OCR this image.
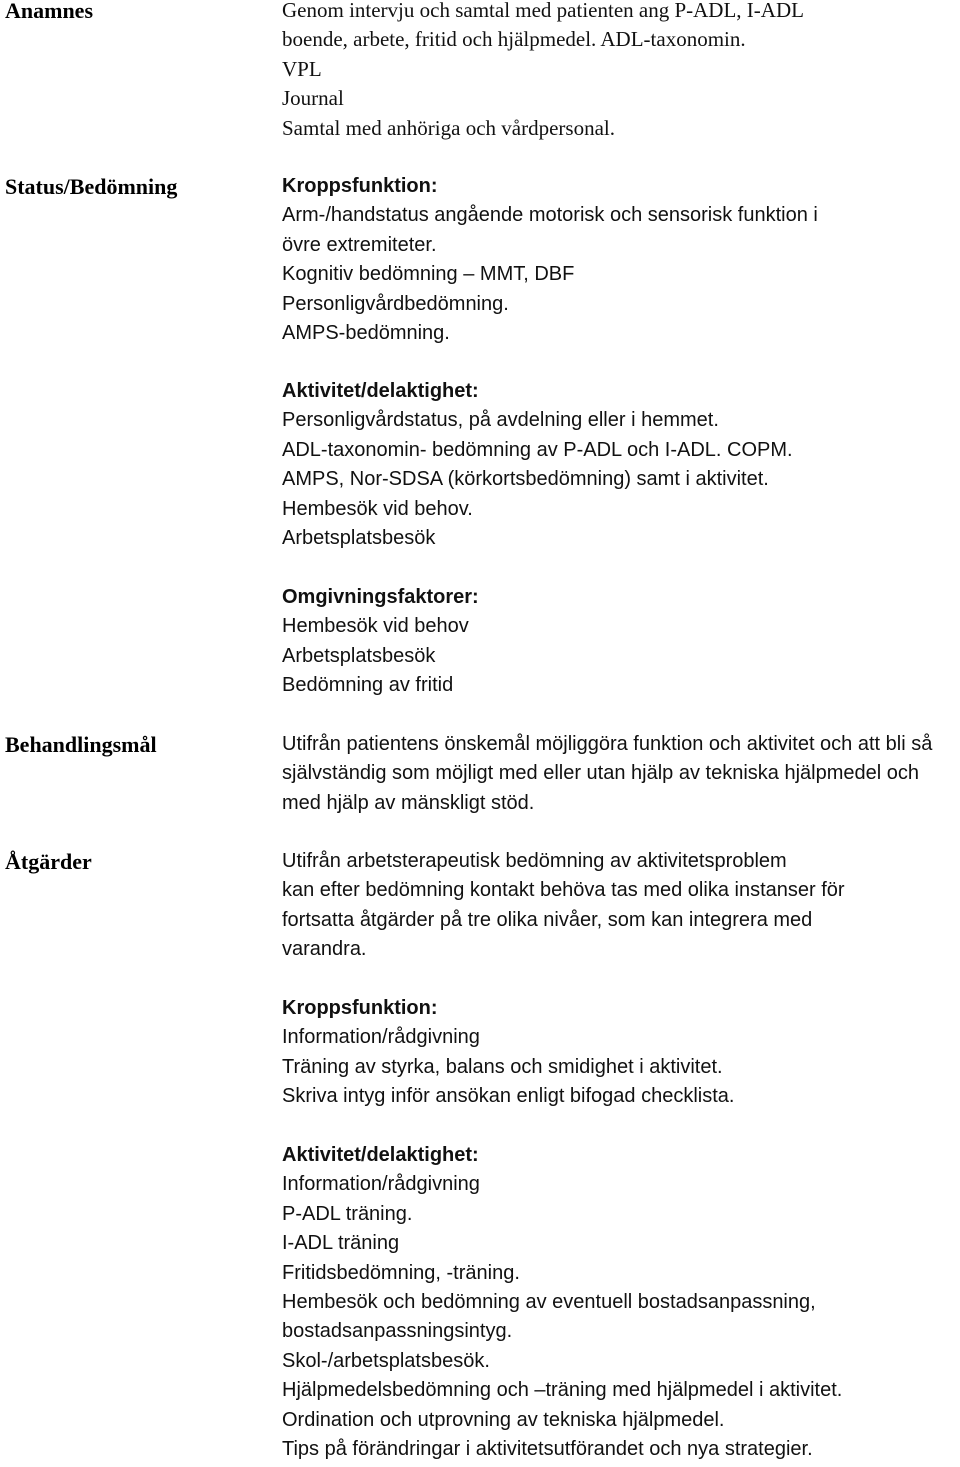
Anamnes

Status/Bedömning

Behandlingsmål

Åtgärder

Genom intervju och samtal med patienten ang P-ADL, I-ADL
boende, arbete, fritid och hjälpmedel. ADL-taxonomin.
VPL
Journal
Samtal med anhöriga och vårdpersonal.
Kroppsfunktion:
Arm-/handstatus angående motorisk och sensorisk funktion i
övre extremiteter.
Kognitiv bedömning – MMT, DBF
Personligvårdbedömning.
AMPS-bedömning.
Aktivitet/delaktighet:
Personligvårdstatus, på avdelning eller i hemmet.
ADL-taxonomin- bedömning av P-ADL och I-ADL. COPM.
AMPS, Nor-SDSA (körkortsbedömning) samt i aktivitet.
Hembesök vid behov.
Arbetsplatsbesök
Omgivningsfaktorer:
Hembesök vid behov
Arbetsplatsbesök
Bedömning av fritid
Utifrån patientens önskemål möjliggöra funktion och aktivitet och att bli så självständig som möjligt med eller utan hjälp av tekniska hjälpmedel och med hjälp av mänskligt stöd.
Utifrån arbetsterapeutisk bedömning av aktivitetsproblem
kan efter bedömning kontakt behöva tas med olika instanser för
fortsatta åtgärder på tre olika nivåer, som kan integrera med
varandra.
Kroppsfunktion:
Information/rådgivning
Träning av styrka, balans och smidighet i aktivitet.
Skriva intyg inför ansökan enligt bifogad checklista.
Aktivitet/delaktighet:
Information/rådgivning
P-ADL träning.
I-ADL träning
Fritidsbedömning, -träning.
Hembesök och bedömning av eventuell bostadsanpassning,
bostadsanpassningsintyg.
Skol-/arbetsplatsbesök.
Hjälpmedelsbedömning och –träning med hjälpmedel i aktivitet.
Ordination och utprovning av tekniska hjälpmedel.
Tips på förändringar i aktivitetsutförandet och nya strategier.
